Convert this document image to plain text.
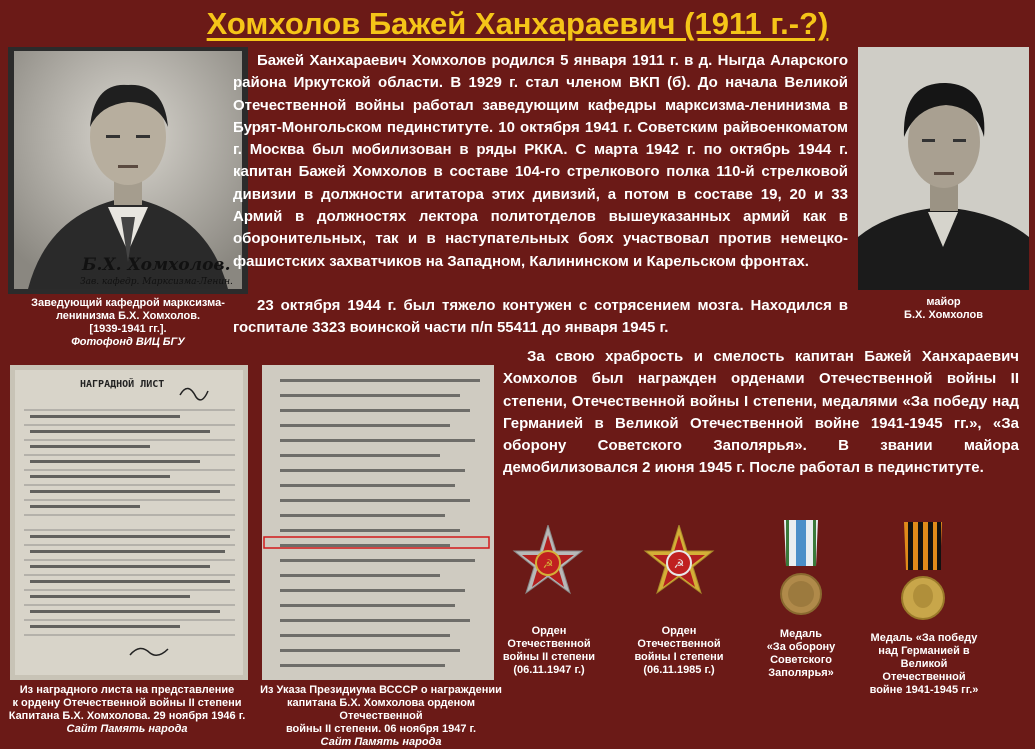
Хомхолов Бажей Ханхараевич (1911 г.-?)
Б.Х. Хомхолов.
Зав. кафедр. Марксизма-Ленин.
Заведующий кафедрой марксизма-
ленинизма Б.Х. Хомхолов.
[1939-1941 гг.].
Фотофонд ВИЦ БГУ
майор
Б.Х. Хомхолов
Бажей Ханхараевич Хомхолов родился 5 января 1911 г. в д. Ныгда Аларского района Иркутской области. В 1929 г. стал членом ВКП (б). До начала Великой Отечественной войны работал заведующим кафедры марксизма-ленинизма в Бурят-Монгольском пединституте. 10 октября 1941 г. Советским райвоенкоматом г. Москва был мобилизован в ряды РККА. С марта 1942 г. по октябрь 1944 г. капитан Бажей Хомхолов в составе 104-го стрелкового полка 110-й стрелковой дивизии в должности агитатора этих дивизий, а потом в составе 19, 20 и 33 Армий в должностях лектора политотделов вышеуказанных армий как в оборонительных, так и в наступательных боях участвовал против немецко-фашистских захватчиков на Западном, Калининском и Карельском фронтах.
23 октября 1944 г. был тяжело контужен с сотрясением мозга. Находился в госпитале 3323 воинской части п/п 55411 до января 1945 г.
За свою храбрость и смелость капитан Бажей Ханхараевич Хомхолов был награжден орденами Отечественной войны II степени, Отечественной войны I степени, медалями «За победу над Германией в Великой Отечественной войне 1941-1945 гг.», «За оборону Советского Заполярья». В звании майора демобилизовался 2 июня 1945 г. После работал в пединституте.
НАГРАДНОЙ ЛИСТ
Из наградного листа на представление
к ордену Отечественной войны II степени
Капитана Б.Х. Хомхолова. 29 ноября 1946 г.
Сайт Память народа
Из Указа Президиума ВСССР о награждении
капитана Б.Х. Хомхолова орденом Отечественной
войны II степени. 06 ноября 1947 г.
Сайт Память народа
☭	☭
Орден
Отечественной
войны II степени
(06.11.1947 г.)
Орден
Отечественной
войны I степени
(06.11.1985 г.)
Медаль
«За оборону
Советского
Заполярья»
Медаль «За победу
над Германией в
Великой
Отечественной
войне 1941-1945 гг.»
